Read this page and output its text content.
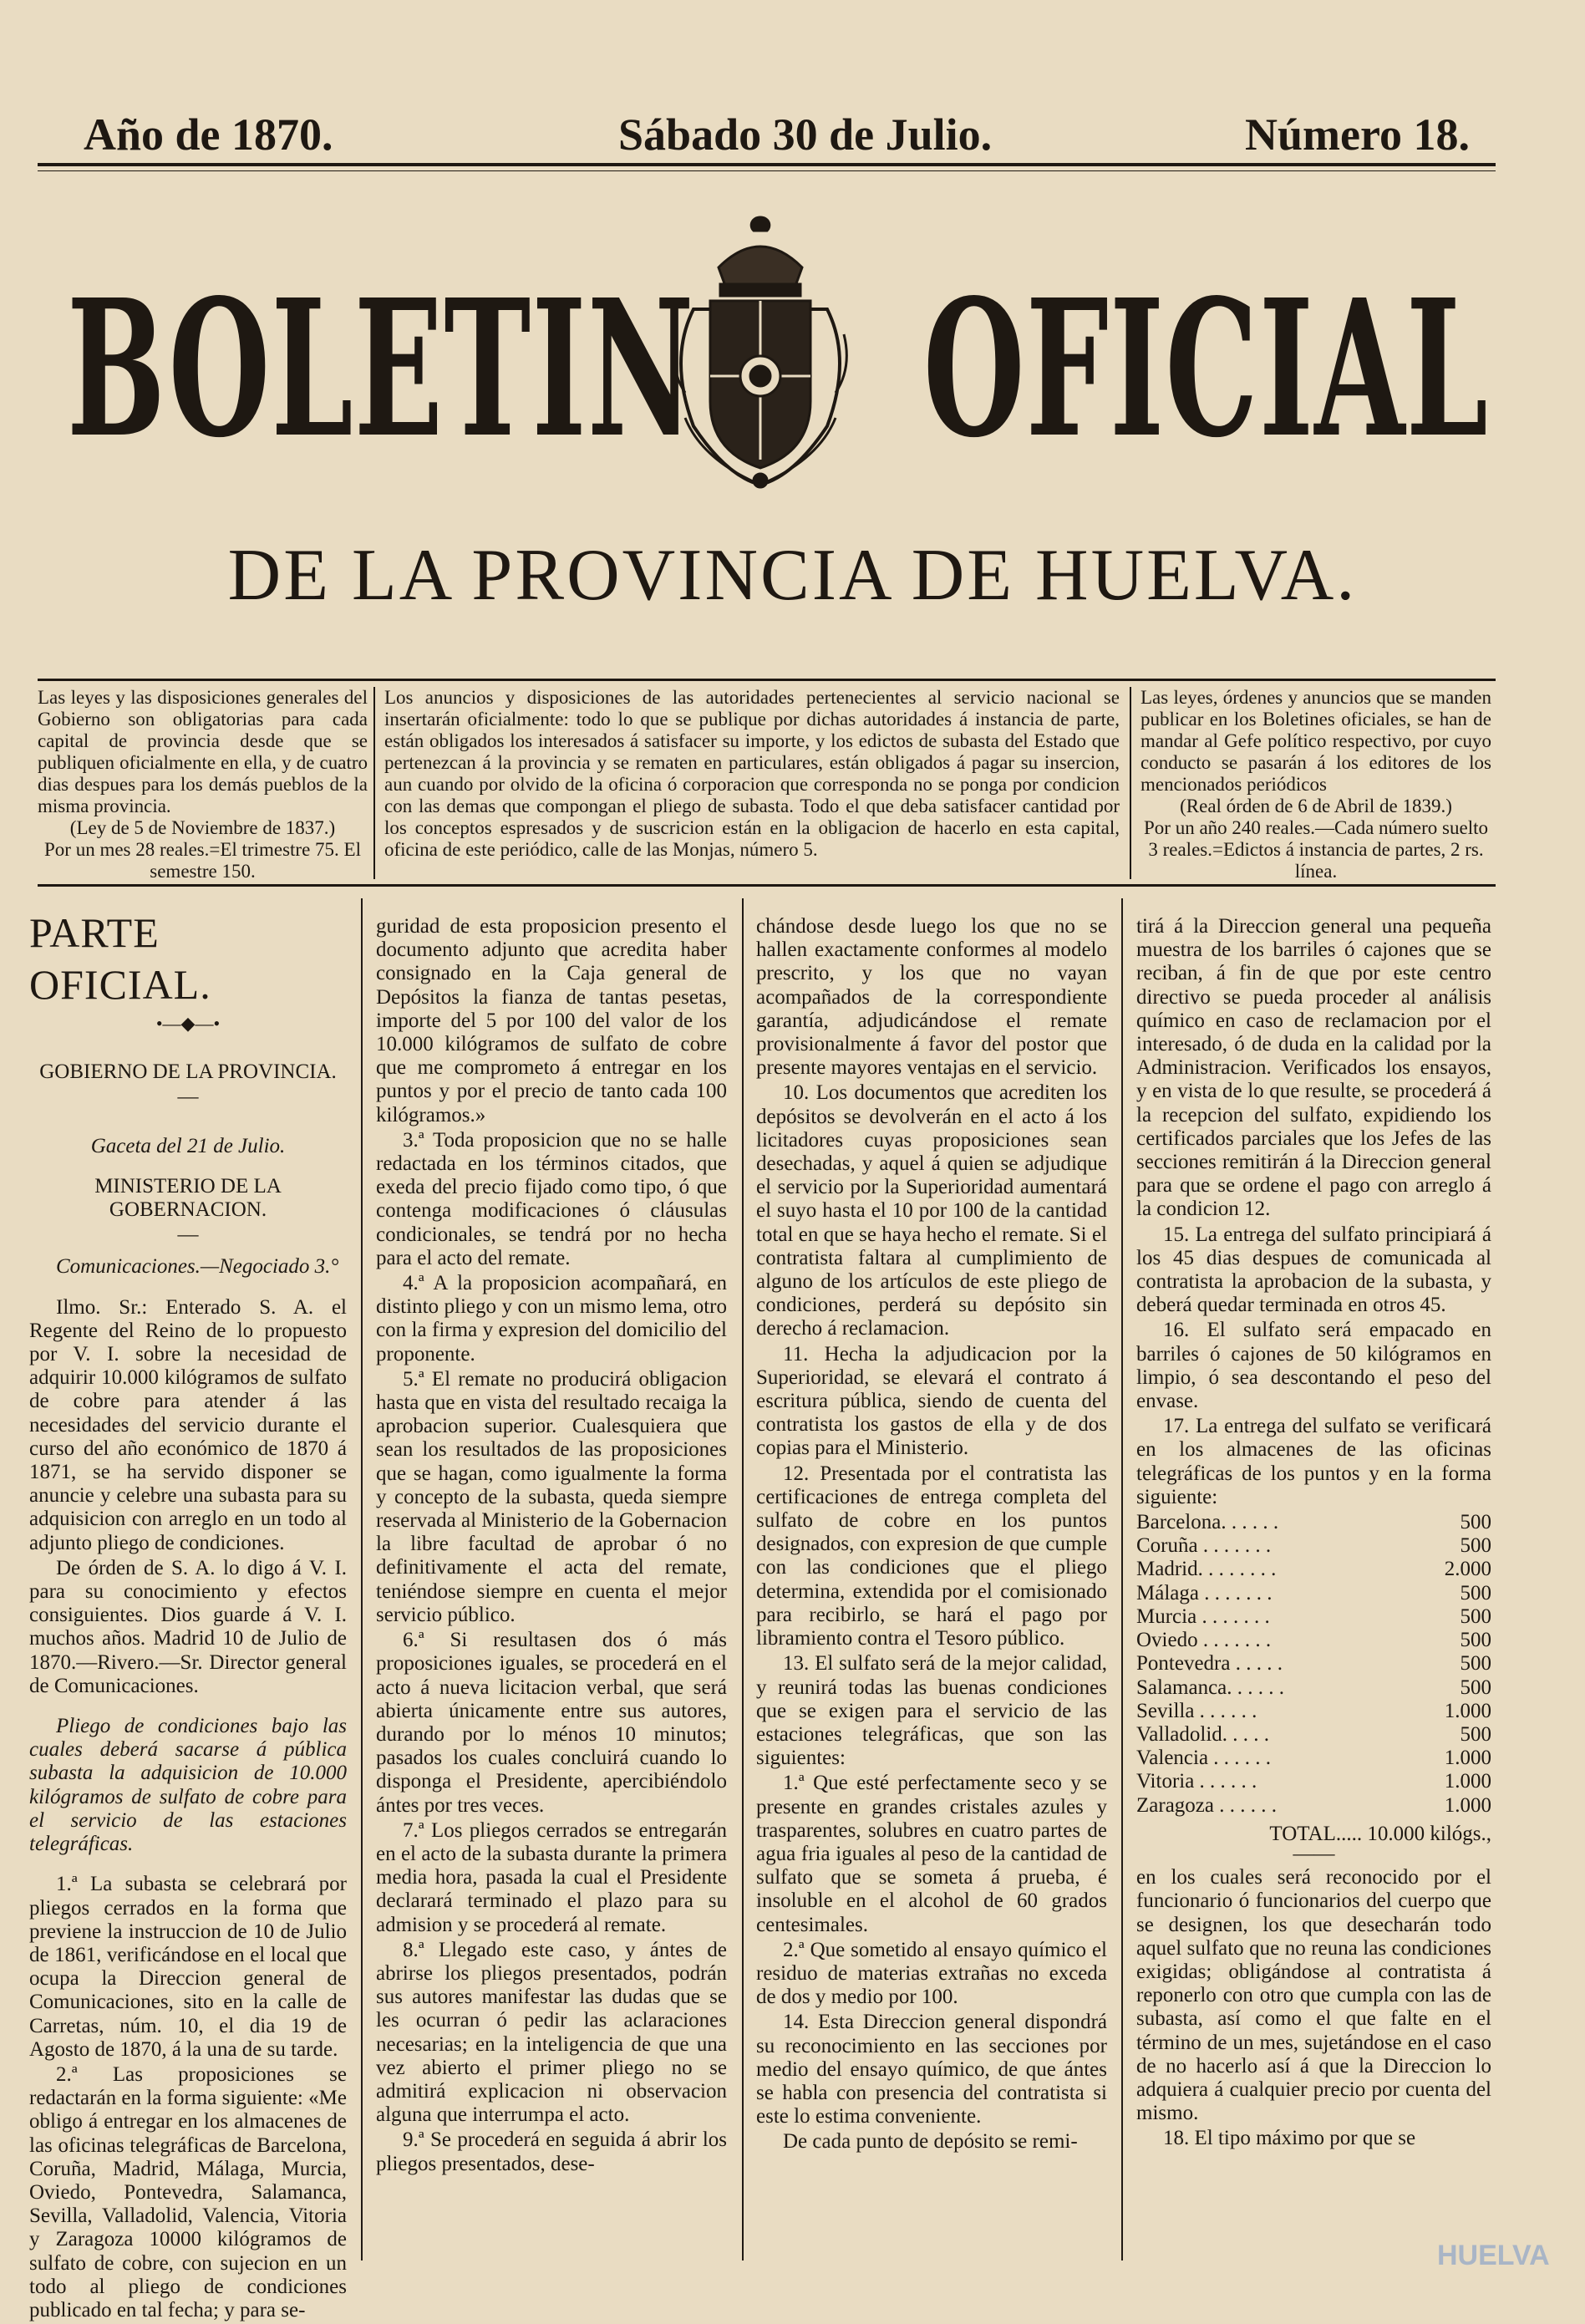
Año de 1870.	Sábado 30 de Julio.	Número 18.
BOLETIN OFICIAL
DE LA PROVINCIA DE HUELVA.

Las leyes y las disposiciones generales del Gobierno son obligatorias para cada capital de provincia desde que se publiquen oficialmente en ella, y de cuatro dias despues para los demás pueblos de la misma provincia.

(Ley de 5 de Noviembre de 1837.)

Por un mes 28 reales.=El trimestre 75. El semestre 150.

Los anuncios y disposiciones de las autoridades pertenecientes al servicio nacional se insertarán oficialmente: todo lo que se publique por dichas autoridades á instancia de parte, están obligados los interesados á satisfacer su importe, y los edictos de subasta del Estado que pertenezcan á la provincia y se rematen en particulares, están obligados á pagar su insercion, aun cuando por olvido de la oficina ó corporacion que corresponda no se ponga por condicion con las demas que compongan el pliego de subasta. Todo el que deba satisfacer cantidad por los conceptos espresados y de suscricion están en la obligacion de hacerlo en esta capital, oficina de este periódico, calle de las Monjas, número 5.

Las leyes, órdenes y anuncios que se manden publicar en los Boletines oficiales, se han de mandar al Gefe político respectivo, por cuyo conducto se pasarán á los editores de los mencionados periódicos

(Real órden de 6 de Abril de 1839.)

Por un año 240 reales.—Cada número suelto 3 reales.=Edictos á instancia de partes, 2 rs. línea.

PARTE OFICIAL.

•—◆—•

GOBIERNO DE LA PROVINCIA.

—

Gaceta del 21 de Julio.

MINISTERIO DE LA GOBERNACION.

—

Comunicaciones.—Negociado 3.°

Ilmo. Sr.: Enterado S. A. el Regente del Reino de lo propuesto por V. I. sobre la necesidad de adquirir 10.000 kilógramos de sulfato de cobre para atender á las necesidades del servicio durante el curso del año económico de 1870 á 1871, se ha servido disponer se anuncie y celebre una subasta para su adquisicion con arreglo en un todo al adjunto pliego de condiciones.

De órden de S. A. lo digo á V. I. para su conocimiento y efectos consiguientes. Dios guarde á V. I. muchos años. Madrid 10 de Julio de 1870.—Rivero.—Sr. Director general de Comunicaciones.

Pliego de condiciones bajo las cuales deberá sacarse á pública subasta la adquisicion de 10.000 kilógramos de sulfato de cobre para el servicio de las estaciones telegráficas.

1.ª La subasta se celebrará por pliegos cerrados en la forma que previene la instruccion de 10 de Julio de 1861, verificándose en el local que ocupa la Direccion general de Comunicaciones, sito en la calle de Carretas, núm. 10, el dia 19 de Agosto de 1870, á la una de su tarde.

2.ª Las proposiciones se redactarán en la forma siguiente: «Me obligo á entregar en los almacenes de las oficinas telegráficas de Barcelona, Coruña, Madrid, Málaga, Murcia, Oviedo, Pontevedra, Salamanca, Sevilla, Valladolid, Valencia, Vitoria y Zaragoza 10000 kilógramos de sulfato de cobre, con sujecion en un todo al pliego de condiciones publicado en tal fecha; y para se-

guridad de esta proposicion presento el documento adjunto que acredita haber consignado en la Caja general de Depósitos la fianza de tantas pesetas, importe del 5 por 100 del valor de los 10.000 kilógramos de sulfato de cobre que me comprometo á entregar en los puntos y por el precio de tanto cada 100 kilógramos.»

3.ª Toda proposicion que no se halle redactada en los términos citados, que exeda del precio fijado como tipo, ó que contenga modificaciones ó cláusulas condicionales, se tendrá por no hecha para el acto del remate.

4.ª A la proposicion acompañará, en distinto pliego y con un mismo lema, otro con la firma y expresion del domicilio del proponente.

5.ª El remate no producirá obligacion hasta que en vista del resultado recaiga la aprobacion superior. Cualesquiera que sean los resultados de las proposiciones que se hagan, como igualmente la forma y concepto de la subasta, queda siempre reservada al Ministerio de la Gobernacion la libre facultad de aprobar ó no definitivamente el acta del remate, teniéndose siempre en cuenta el mejor servicio público.

6.ª Si resultasen dos ó más proposiciones iguales, se procederá en el acto á nueva licitacion verbal, que será abierta únicamente entre sus autores, durando por lo ménos 10 minutos; pasados los cuales concluirá cuando lo disponga el Presidente, apercibiéndolo ántes por tres veces.

7.ª Los pliegos cerrados se entregarán en el acto de la subasta durante la primera media hora, pasada la cual el Presidente declarará terminado el plazo para su admision y se procederá al remate.

8.ª Llegado este caso, y ántes de abrirse los pliegos presentados, podrán sus autores manifestar las dudas que se les ocurran ó pedir las aclaraciones necesarias; en la inteligencia de que una vez abierto el primer pliego no se admitirá explicacion ni observacion alguna que interrumpa el acto.

9.ª Se procederá en seguida á abrir los pliegos presentados, dese-

chándose desde luego los que no se hallen exactamente conformes al modelo prescrito, y los que no vayan acompañados de la correspondiente garantía, adjudicándose el remate provisionalmente á favor del postor que presente mayores ventajas en el servicio.

10. Los documentos que acrediten los depósitos se devolverán en el acto á los licitadores cuyas proposiciones sean desechadas, y aquel á quien se adjudique el servicio por la Superioridad aumentará el suyo hasta el 10 por 100 de la cantidad total en que se haya hecho el remate. Si el contratista faltara al cumplimiento de alguno de los artículos de este pliego de condiciones, perderá su depósito sin derecho á reclamacion.

11. Hecha la adjudicacion por la Superioridad, se elevará el contrato á escritura pública, siendo de cuenta del contratista los gastos de ella y de dos copias para el Ministerio.

12. Presentada por el contratista las certificaciones de entrega completa del sulfato de cobre en los puntos designados, con expresion de que cumple con las condiciones que el pliego determina, extendida por el comisionado para recibirlo, se hará el pago por libramiento contra el Tesoro público.

13. El sulfato será de la mejor calidad, y reunirá todas las buenas condiciones que se exigen para el servicio de las estaciones telegráficas, que son las siguientes:

1.ª Que esté perfectamente seco y se presente en grandes cristales azules y trasparentes, solubres en cuatro partes de agua fria iguales al peso de la cantidad de sulfato que se someta á prueba, é insoluble en el alcohol de 60 grados centesimales.

2.ª Que sometido al ensayo químico el residuo de materias extrañas no exceda de dos y medio por 100.

14. Esta Direccion general dispondrá su reconocimiento en las secciones por medio del ensayo químico, de que ántes se habla con presencia del contratista si este lo estima conveniente.

De cada punto de depósito se remi-

tirá á la Direccion general una pequeña muestra de los barriles ó cajones que se reciban, á fin de que por este centro directivo se pueda proceder al análisis químico en caso de reclamacion por el interesado, ó de duda en la calidad por la Administracion. Verificados los ensayos, y en vista de lo que resulte, se procederá á la recepcion del sulfato, expidiendo los certificados parciales que los Jefes de las secciones remitirán á la Direccion general para que se ordene el pago con arreglo á la condicion 12.

15. La entrega del sulfato principiará á los 45 dias despues de comunicada al contratista la aprobacion de la subasta, y deberá quedar terminada en otros 45.

16. El sulfato será empacado en barriles ó cajones de 50 kilógramos en limpio, ó sea descontando el peso del envase.

17. La entrega del sulfato se verificará en los almacenes de las oficinas telegráficas de los puntos y en la forma siguiente:

Barcelona. . . . . .	500
Coruña . . . . . . .	500
Madrid. . . . . . . .	2.000
Málaga . . . . . . .	500
Murcia . . . . . . .	500
Oviedo . . . . . . .	500
Pontevedra . . . . .	500
Salamanca. . . . . .	500
Sevilla . . . . . .	1.000
Valladolid. . . . .	500
Valencia . . . . . .	1.000
Vitoria . . . . . .	1.000
Zaragoza . . . . . .	1.000

TOTAL..... 10.000 kilógs.,

——

en los cuales será reconocido por el funcionario ó funcionarios del cuerpo que se designen, los que desecharán todo aquel sulfato que no reuna las condiciones exigidas; obligándose al contratista á reponerlo con otro que cumpla con las de subasta, así como el que falte en el término de un mes, sujetándose en el caso de no hacerlo así á que la Direccion lo adquiera á cualquier precio por cuenta del mismo.

18. El tipo máximo por que se

HUELVA
